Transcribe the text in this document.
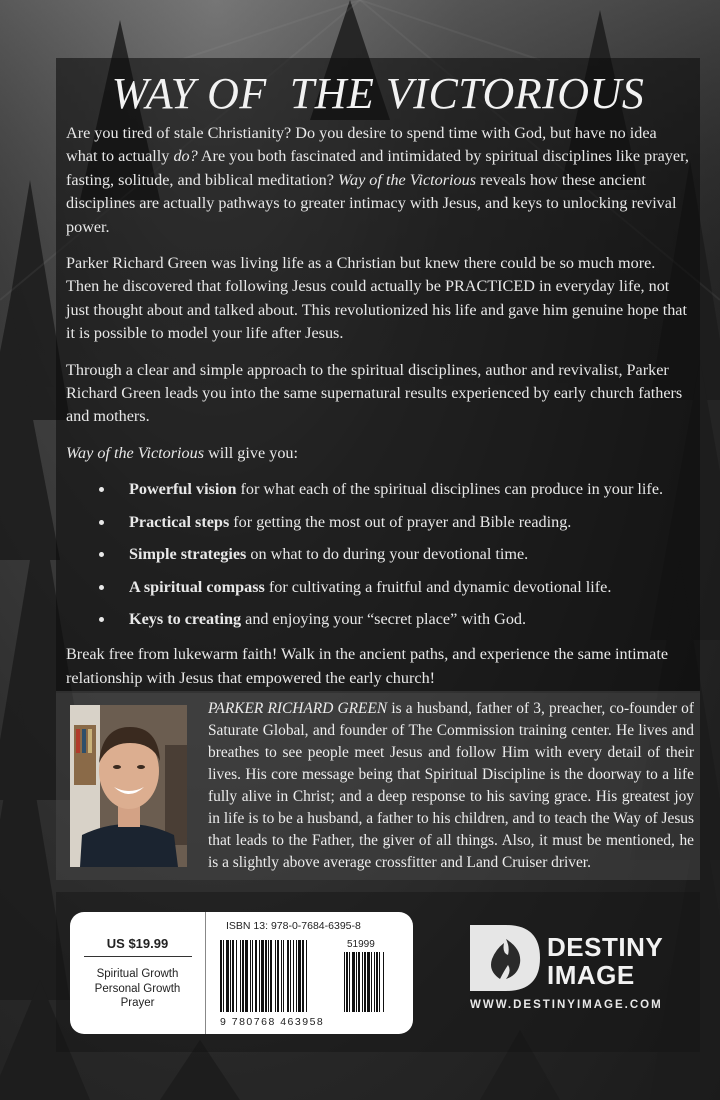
WAY OF  THE VICTORIOUS

Are you tired of stale Christianity? Do you desire to spend time with God, but have no idea what to actually do? Are you both fascinated and intimidated by spiritual disciplines like prayer, fasting, solitude, and biblical meditation? Way of the Victorious reveals how these ancient disciplines are actually pathways to greater intimacy with Jesus, and keys to unlocking revival power.

Parker Richard Green was living life as a Christian but knew there could be so much more. Then he discovered that following Jesus could actually be PRACTICED in everyday life, not just thought about and talked about. This revolutionized his life and gave him genuine hope that it is possible to model your life after Jesus.

Through a clear and simple approach to the spiritual disciplines, author and revivalist, Parker Richard Green leads you into the same supernatural results experienced by early church fathers and mothers.

Way of the Victorious will give you:

Powerful vision for what each of the spiritual disciplines can produce in your life.
Practical steps for getting the most out of prayer and Bible reading.
Simple strategies on what to do during your devotional time.
A spiritual compass for cultivating a fruitful and dynamic devotional life.
Keys to creating and enjoying your “secret place” with God.

Break free from lukewarm faith! Walk in the ancient paths, and experience the same intimate relationship with Jesus that empowered the early church!

PARKER RICHARD GREEN is a husband, father of 3, preacher, co-founder of Saturate Global, and founder of The Commission training center. He lives and breathes to see people meet Jesus and follow Him with every detail of their lives. His core message being that Spiritual Discipline is the doorway to a life fully alive in Christ; and a deep response to his saving grace. His greatest joy in life is to be a husband, a father to his children, and to teach the Way of Jesus that leads to the Father, the giver of all things. Also, it must be mentioned, he is a slightly above average crossfitter and Land Cruiser driver.
US $19.99
Spiritual Growth
Personal Growth
Prayer
ISBN 13: 978-0-7684-6395-8
51999
9 780768 463958
DESTINY
IMAGE
WWW.DESTINYIMAGE.COM
